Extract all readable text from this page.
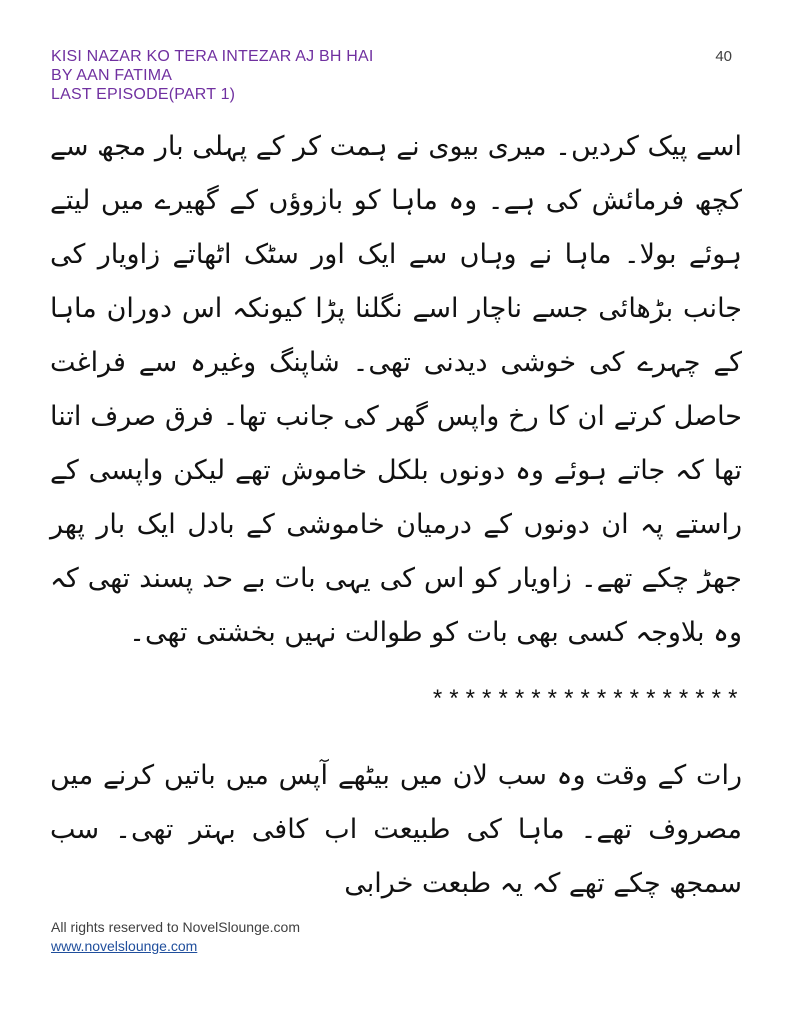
KISI NAZAR KO TERA INTEZAR AJ BH HAI
BY AAN FATIMA
LAST EPISODE(PART 1)
40

اسے پیک کردیں۔ میری بیوی نے ہمت کر کے پہلی بار مجھ سے کچھ فرمائش کی ہے۔ وہ ماہا کو بازوؤں کے گھیرے میں لیتے ہوئے بولا۔ ماہا نے وہاں سے ایک اور سٹک اٹھاتے زاویار کی جانب بڑھائی جسے ناچار اسے نگلنا پڑا کیونکہ اس دوران ماہا کے چہرے کی خوشی دیدنی تھی۔ شاپنگ وغیرہ سے فراغت حاصل کرتے ان کا رخ واپس گھر کی جانب تھا۔ فرق صرف اتنا تھا کہ جاتے ہوئے وہ دونوں بلکل خاموش تھے لیکن واپسی کے راستے پہ ان دونوں کے درمیان خاموشی کے بادل ایک بار پھر جھڑ چکے تھے۔ زاویار کو اس کی یہی بات بے حد پسند تھی کہ وہ بلاوجہ کسی بھی بات کو طوالت نہیں بخشتی تھی۔

*******************

رات کے وقت وہ سب لان میں بیٹھے آپس میں باتیں کرنے میں مصروف تھے۔ ماہا کی طبیعت اب کافی بہتر تھی۔ سب سمجھ چکے تھے کہ یہ طبعت خرابی

All rights reserved to NovelSlounge.com
www.novelslounge.com
